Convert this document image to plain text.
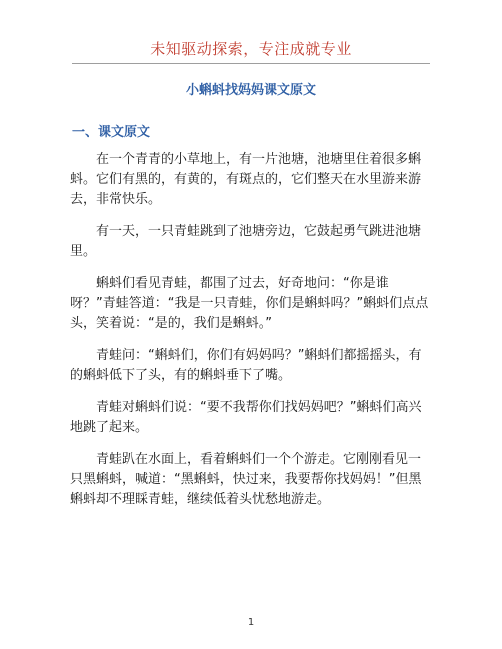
未知驱动探索，专注成就专业
小蝌蚪找妈妈课文原文
一、课文原文

在一个青青的小草地上，有一片池塘，池塘里住着很多蝌蚪。它们有黑的，有黄的，有斑点的，它们整天在水里游来游去，非常快乐。

有一天，一只青蛙跳到了池塘旁边，它鼓起勇气跳进池塘里。

蝌蚪们看见青蛙，都围了过去，好奇地问：“你是谁呀？”青蛙答道：“我是一只青蛙，你们是蝌蚪吗？”蝌蚪们点点头，笑着说：“是的，我们是蝌蚪。”

青蛙问：“蝌蚪们，你们有妈妈吗？”蝌蚪们都摇摇头，有的蝌蚪低下了头，有的蝌蚪垂下了嘴。

青蛙对蝌蚪们说：“要不我帮你们找妈妈吧？”蝌蚪们高兴地跳了起来。

青蛙趴在水面上，看着蝌蚪们一个个游走。它刚刚看见一只黑蝌蚪，喊道：“黑蝌蚪，快过来，我要帮你找妈妈！”但黑蝌蚪却不理睬青蛙，继续低着头忧愁地游走。

1
